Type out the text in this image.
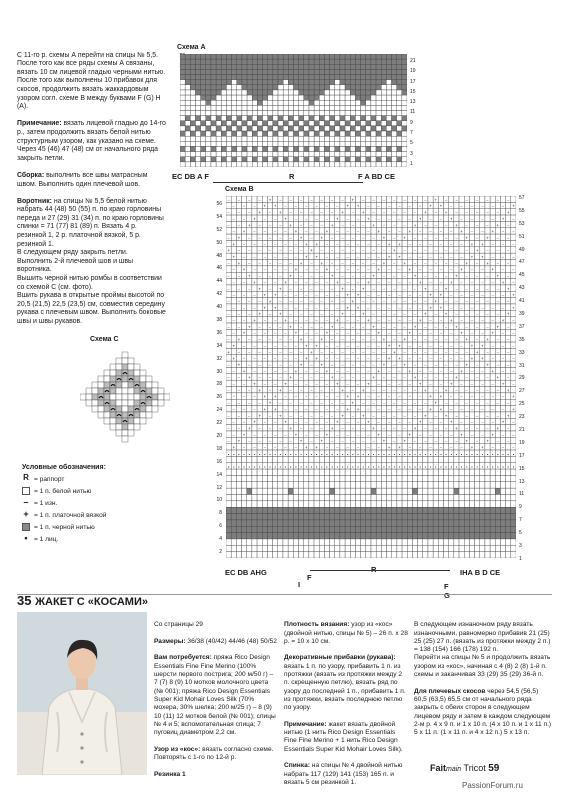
С 11-го р. схемы А перейти на спицы № 5,5.
После того как все ряды схемы А связаны, вязать 10 см лицевой гладью черными нитью.
После того как выполнены 10 прибавок для скосов, продолжить вязать жаккардовым узором согл. схеме В между буквами F (G) H (A).

Примечание: вязать лицевой гладью до 14-го р., затем продолжить вязать белой нитью структурным узором, как указано на схеме.
Через 45 (46) 47 (48) см от начального ряда закрыть петли.

Сборка: выполнить все швы матрасным швом. Выполнить один плечевой шов.

Воротник: на спицы № 5,5 белой нитью набрать 44 (48) 50 (55) п. по краю горловины переда и 27 (29) 31 (34) п. по краю горловины спинки = 71 (77) 81 (89) п. Вязать 4 р. резинкой 1, 2 р. платочной вязкой, 5 р. резинкой 1.
В следующем ряду закрыть петли.
Выполнить 2-й плечевой шов и швы воротника.
Вышить черной нитью ромбы в соответствии со схемой С (см. фото).
Вшить рукава в открытые проймы высотой по 20,5 (21,5) 22,5 (23,5) см, совместив середину рукава с плечевым швом. Выполнить боковые швы и швы рукавов.

Схема А
21
19
17
15
13
11
9
7
5
3
1
EC DB A F	R	F A BD CE
Схема В
56
54
52
50
48
46
44
42
40
38
36
34
32
30
28
26
24
22
20
18
16
14
12
10
8
6
4
2
– – – – + – – – – – – – + – – – – – – – + – – – – – – –
– – – + + – – – – – – + + – – – – – – + + – – – – – – +
– – – + – + – – – – – + – + – – – – – + – + – – – – – +
– – + – – + – – – – + – – + – – – – + – – + – – – – + –
– – + – – – + – – – + – – – + – – – + – – – + – – – + –
– + – – – – + – – + – – – – + – – + – – – – + – – + – –
– + – – – – – + – + – – – – – + – + – – – – – + – + – –
+ – – – – – – + + – – – – – – + + – – – – – – + + – – –
+ – – – – – – – + – – – – – – – + – – – – – – – + – – –
+ – – – – – – + + – – – – – – + + – – – – – – + + – – –
– + – – – – – + – + – – – – – + – + – – – – – + – + – –
– + – – – – + – – + – – – – + – – + – – – – + – – + – –
– – + – – – + – – – + – – – + – – – + – – – + – – – + –
– – + – – + – – – – + – – + – – – – + – – + – – – – + –
– – – + – + – – – – – + – + – – – – – + – + – – – – – +
– – – + + – – – – – – + + – – – – – – + + – – – – – – +
– – – – + – – – – – – – + – – – – – – – + – – – – – – –
– – – + + – – – – – – + + – – – – – – + + – – – – – – +
– – – + – + – – – – – + – + – – – – – + – + – – – – – +
– – + – – + – – – – + – – + – – – – + – – + – – – – + –
– – + – – – + – – – + – – – + – – – + – – – + – – – + –
– + – – – – + – – + – – – – + – – + – – – – + – – + – –
– + – – – – – + – + – – – – – + – + – – – – – + – + – –
+ – – – – – – + + – – – – – – + + – – – – – – + + – – –
+ – – – – – – – + – – – – – – – + – – – – – – – + – – –
+ – – – – – – + + – – – – – – + + – – – – – – + + – – –
– + – – – – – + – + – – – – – + – + – – – – – + – + – –
– + – – – – + – – + – – – – + – – + – – – – + – – + – –
– – + – – – + – – – + – – – + – – – + – – – + – – – + –
– – + – – + – – – – + – – + – – – – + – – + – – – – + –
– – – + – + – – – – – + – + – – – – – + – + – – – – – +
– – – + + – – – – – – + + – – – – – – + + – – – – – – +
– – – – + – – – – – – – + – – – – – – – + – – – – – – –
– – – + + – – – – – – + + – – – – – – + + – – – – – – +
– – – + – + – – – – – + – + – – – – – + – + – – – – – +
– – + – – + – – – – + – – + – – – – + – – + – – – – + –
– – + – – – + – – – + – – – + – – – + – – – + – – – + –
– + – – – – + – – + – – – – + – – + – – – – + – – + – –
– + – – – – – + – + – – – – – + – + – – – – – + – + – –
+ – – – – – – + + – – – – – – + + – – – – – – + + – – –
• • • • • • • • • • • • • • • • • • • • • • • • • • • • • • • • • • • • • • • • • • • • • • • • • • • • • • • •
• • • • • • • • • • • • • • • • • • • • • • • • • • • • • • • • • • • • • • • • • • • • • • • • • • • • • • • •
57
55
53
51
49
47
45
43
41
39
37
35
33
31
29
27
25
23
21
19
17
15
13
11
9
7
5
3
1
EC DB AHG
I
F
R
F
G
IHA B D CE
Схема С
Условные обозначения:
R = раппорт
= 1 п. белой нитью
– = 1 изн.
+ = 1 п. платочной вязкой
= 1 п. черной нитью
• = 1 лиц.
35 ЖАКЕТ С «КОСАМИ»

Со страницы 29

Размеры: 36/38 (40/42) 44/46 (48) 50/52

Вам потребуется: пряжа Rico Design Essentials Fine Fine Merino (100% шерсти первого пострига; 200 м/50 г) – 7 (7) 8 (9) 10 мотков молочного цвета (№ 001); пряжа Rico Design Essentials Super Kid Mohair Loves Silk (70% мохера, 30% шелка; 200 м/25 г) – 8 (9) 10 (11) 12 мотков белой (№ 001); спицы № 4 и 5; вспомогательная спица; 7 пуговиц диаметром 2,2 см.

Узор из «кос»: вязать согласно схеме. Повторять с 1-го по 12-й р.

Резинка 1

Плотность вязания: узор из «кос» (двойной нитью, спицы № 5) – 26 п. x 28 р. = 10 x 10 см.

Декоративные прибавки (рукава): вязать 1 п. по узору, прибавить 1 п. из протяжки (вязать из протяжки между 2 п. скрещенную петлю), вязать ряд по узору до последней 1 п., прибавить 1 п. из протяжки, вязать последнюю петлю по узору.

Примечание: жакет вязать двойной нитью (1 нить Rico Design Essentials Fine Fine Merino + 1 нить Rico Design Essentials Super Kid Mohair Loves Silk).

Спинка: на спицы № 4 двойной нитью набрать 117 (129) 141 (153) 165 п. и вязать 5 см резинкой 1.

В следующем изнаночном ряду вязать изнаночными, равномерно прибавив 21 (25) 25 (25) 27 п. (вязать из протяжки между 2 п.) = 138 (154) 166 (178) 192 п.
Перейти на спицы № 5 и продолжить вязать узором из «кос», начиная с 4 (8) 2 (8) 1-й п. схемы и заканчивая 33 (29) 35 (29) 36-й п.

Для плечевых скосов через 54,5 (56,5) 60,5 (63,5) 65,5 см от начального ряда закрыть с обеих сторон в следующем лицевом ряду и затем в каждом следующем 2-м р. 4 x 9 п. и 1 x 10 п. (4 x 10 п. и 1 x 11 п.) 5 x 11 п. (1 x 11 п. и 4 x 12 п.) 5 x 13 п.

Faitmain Tricot 59
PassionForum.ru
